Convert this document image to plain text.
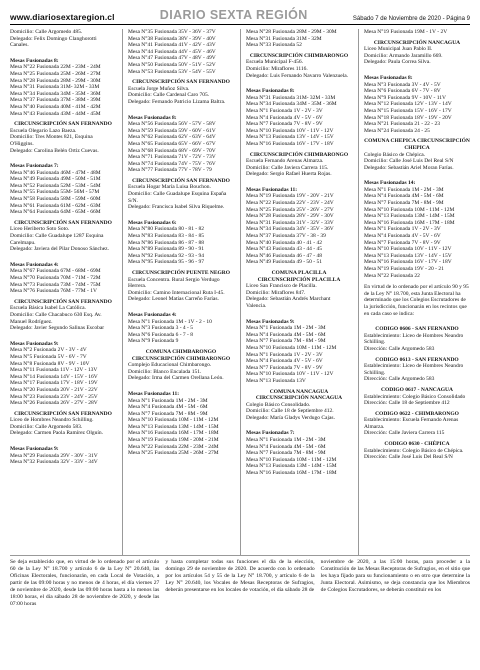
www.diariosextaregion.cl	DIARIO SEXTA REGIÓN	Sábado 7 de Noviembre de 2020 - Página 9

Domicilio: Calle Argomedo 485.

Delegado: Felix Domingo Clanghorotti Canales.

Mesas Fusionadas 8:
Mesa N°22 Fusionada 22M - 23M - 24M
Mesa N°25 Fusionada 25M - 26M - 27M
Mesa N°28 Fusionada 28M - 29M - 30M
Mesa N°31 Fusionada 31M- 32M - 33M
Mesa N°34 Fusionada 34M - 35M - 36M
Mesa N°37 Fusionada 37M - 38M - 39M
Mesa N°40 Fusionada 40M - 41M - 42M
Mesa N°43 Fusionada 43M - 44M - 45M
CIRCUNSCRIPCIÓN SAN FERNANDO

Escuela Olegario Lazo Baeza.

Domicilio: Tres Montes 821, Esquina O'Higgins.

Delegado: Carolina Belén Ortiz Cuevas.

Mesas Fusionadas 7:
Mesa N°46 Fusionada 46M - 47M - 48M
Mesa N°49 Fusionada 49M - 50M - 51M
Mesa N°52 Fusionada 52M - 53M - 54M
Mesa N°55 Fusionada 55M- 56M - 57M
Mesa N°58 Fusionada 58M - 59M - 60M
Mesa N°61 Fusionada 61M - 62M - 63M
Mesa N°64 Fusionada 64M - 65M - 66M
CIRCUNSCRIPCIÓN SAN FERNANDO

Liceo Heriberto Soto Soto.

Domicilio: Calle Guadalupe 1287 Esquina Carelmapu.

Delegado: Javiera del Pilar Donoso Sánchez.

Mesas Fusionadas 4:
Mesa N°67 Fusionada 67M - 68M - 69M
Mesa N°70 Fusionada 70M - 71M - 72M
Mesa N°73 Fusionada 73M - 74M - 75M
Mesa N°76 Fusionada 76M - 77M - 1V
CIRCUNSCRIPCIÓN SAN FERNANDO

Escuela Básica Isabel La Católica.

Domicilio: Calle Chacabuco 630 Esq. Av. Manuel Rodríguez.

Delegado: Javier Segundo Salinas Escobar

Mesas Fusionadas 9:
Mesa N°2 Fusionada 2V - 3V - 4V
Mesa N°5 Fusionada 5V - 6V - 7V
Mesa N°8 Fusionada 8V - 9V - 10V
Mesa N°11 Fusionada 11V - 12V - 13V
Mesa N°14 Fusionada 14V - 15V - 16V
Mesa N°17 Fusionada 17V - 18V - 19V
Mesa N°20 Fusionada 20V - 21V - 22V
Mesa N°23 Fusionada 23V - 24V - 25V
Mesa N°26 Fusionada 26V - 27V - 28V
CIRCUNSCRIPCIÓN SAN FERNANDO

Liceo de Hombres Neandro Schilling.

Domicilio: Calle Argomedo 583.

Delegado: Carmen Paola Ramírez Olguín.

Mesas Fusionadas 9:
Mesa N°29 Fusionada 29V - 30V - 31V
Mesa N°32 Fusionada 32V - 33V - 34V
Mesa N°35 Fusionada 35V - 36V - 37V
Mesa N°38 Fusionada 38V - 39V - 40V
Mesa N°41 Fusionada 41V - 42V - 43V
Mesa N°44 Fusionada 44V - 45V - 46V
Mesa N°47 Fusionada 47V - 48V - 49V
Mesa N°50 Fusionada 50V - 51V - 52V
Mesa N°53 Fusionada 53V - 54V - 55V
CIRCUNSCRIPCIÓN SAN FERNANDO

Escuela Jorge Muñoz Silva.

Domicilio: Calle Cardenal Caro 705.

Delegado: Fernando Patricio Lizama Baltra.

Mesas Fusionadas 8:
Mesa N°56 Fusionada 56V - 57V - 58V
Mesa N°59 Fusionada 59V - 60V - 61V
Mesa N°62 Fusionada 62V - 63V - 64V
Mesa N°65 Fusionada 65V - 66V - 67V
Mesa N°68 Fusionada 68V - 69V - 70V
Mesa N°71 Fusionada 71V - 72V - 73V
Mesa N°74 Fusionada 74V - 75V - 76V
Mesa N°77 Fusionada 77V - 78V - 79
CIRCUNSCRIPCIÓN SAN FERNANDO

Escuela Hogar María Luisa Bouchon.

Domicilio: Calle Guadalupe Esquina España S/N.

Delegado: Francisca Isabel Silva Riquelme.

Mesas Fusionadas 6:
Mesa N°80 Fusionada 80 - 81 - 82
Mesa N°83 Fusionada 83 - 84 - 85
Mesa N°86 Fusionada 86 - 87 - 88
Mesa N°89 Fusionada 89 - 90 - 91
Mesa N°92 Fusionada 92 - 93 - 94
Mesa N°95 Fusionada 95 - 96 - 97
CIRCUNSCRIPCIÓN PUENTE NEGRO

Escuela Concentra. Rural Sergio Verdugo Herrera.

Domicilio: Camino Internacional Ruta I-45.

Delegado: Leonel Matías Carreño Farías.

Mesas Fusionadas 4:
Mesa N°1 Fusionada 1M - 1V - 2 - 10
Mesa N°3 Fusionada 3 - 4 - 5
Mesa N°6 Fusionada 6 - 7 - 8
Mesa N°9 Fusionada 9
COMUNA CHIMBARONGO CIRCUNSCRIPCIÓN CHIMBARONGO

Complejo Educacional Chimbarongo.

Domicilio: Blanco Encalada 151.

Delegado: Irma del Carmen Orellana León.

Mesas Fusionadas 11:
Mesa N°1 Fusionada 1M - 2M - 3M
Mesa N°4 Fusionada 4M - 5M - 6M
Mesa N°7 Fusionada 7M - 8M - 9M
Mesa N°10 Fusionada 10M - 11M - 12M
Mesa N°13 Fusionada 13M - 14M - 15M
Mesa N°16 Fusionada 16M - 17M - 18M
Mesa N°19 Fusionada 19M - 20M - 21M
Mesa N°22 Fusionada 22M - 23M - 24M
Mesa N°25 Fusionada 25M - 26M - 27M
Mesa N°28 Fusionada 28M - 29M - 30M
Mesa N°31 Fusionada 31M - 32M
Mesa N°33 Fusionada 52
CIRCUNSCRIPCIÓN CHIMBARONGO

Escuela Municipal F-456.

Domicilio: Miraflores 1116.

Delegado: Luis Fernando Navarro Valenzuela.

Mesas Fusionadas 8:
Mesa N°31 Fusionada 31M- 32M - 33M
Mesa N°34 Fusionada 34M - 35M - 36M
Mesa N°1 Fusionada 1V - 2V - 3V
Mesa N°4 Fusionada 4V - 5V - 6V
Mesa N°7 Fusionada 7V - 8V - 9V
Mesa N°10 Fusionada 10V - 11V - 12V
Mesa N°13 Fusionada 13V - 14V - 15V
Mesa N°16 Fusionada 16V - 17V - 18V
CIRCUNSCRIPCIÓN CHIMBARONGO

Escuela Fernando Arenas Almarza.

Domicilio: Calle Javiera Carrera 115.

Delegado: Sergio Rafael Huerta Rojas.

Mesas Fusionadas 11:
Mesa N°19 Fusionada 19V - 20V - 21V
Mesa N°22 Fusionada 22V - 23V - 24V
Mesa N°25 Fusionada 25V - 26V - 27V
Mesa N°28 Fusionada 28V - 29V - 30V
Mesa N°31 Fusionada 31V - 32V - 33V
Mesa N°34 Fusionada 34V - 35V - 36V
Mesa N°37 Fusionada 37V - 38 - 39
Mesa N°40 Fusionada 40 - 41 - 42
Mesa N°43 Fusionada 43 - 44 - 45
Mesa N°46 Fusionada 46 - 47 - 48
Mesa N°49 Fusionada 49 - 50 - 51
COMUNA PLACILLA CIRCUNSCRIPCIÓN PLACILLA

Liceo San Francisco de Placilla.

Domicilio: Miraflores 847.

Delegado: Sebastián Andrés Marchant Valencia.

Mesas Fusionadas 9:
Mesa N°1 Fusionada 1M - 2M - 3M
Mesa N°4 Fusionada 4M - 5M - 6M
Mesa N°7 Fusionada 7M - 8M - 9M
Mesa N°10 Fusionada 10M - 11M - 12M
Mesa N°1 Fusionada 1V - 2V - 3V
Mesa N°4 Fusionada 4V - 5V - 6V
Mesa N°7 Fusionada 7V - 8V - 9V
Mesa N°10 Fusionada 10V - 11V - 12V
Mesa N°13 Fusionada 13V
COMUNA NANCAGUA CIRCUNSCRIPCIÓN NANCAGUA

Colegio Básico Consolidado.

Domicilio: Calle 18 de Septiembre 412.

Delegado: María Gladys Verdugo Cajas.

Mesas Fusionadas 7:
Mesa N°1 Fusionada 1M - 2M - 3M
Mesa N°4 Fusionada 4M - 5M - 6M
Mesa N°7 Fusionada 7M - 8M - 9M
Mesa N°10 Fusionada 10M - 11M - 12M
Mesa N°13 Fusionada 13M - 14M - 15M
Mesa N°16 Fusionada 16M - 17M - 18M
Mesa N°19 Fusionada 19M - 1V - 2V
CIRCUNSCRIPCIÓN NANCAGUA

Liceo Municipal Juan Pablo II.

Domicilio: Armando Jaramillo 669.

Delegado: Paula Correa Silva.

Mesas Fusionadas 8:
Mesa N°3 Fusionada 3V - 4V - 5V
Mesa N°6 Fusionada 6V - 7V - 8V
Mesa N°9 Fusionada 9V - 10V - 11V
Mesa N°12 Fusionada 12V - 13V - 14V
Mesa N°15 Fusionada 15V - 16V - 17V
Mesa N°18 Fusionada 18V - 19V - 20V
Mesa N°21 Fusionada 21 - 22 - 23
Mesa N°24 Fusionada 24 - 25
COMUNA CHEPICA CIRCUNSCRIPCIÓN CHEPICA

Colegio Básico de Chépica.

Domicilio: Calle José Luis Del Real S/N

Delegado: Sebastián Ariel Moran Farías.

Mesas Fusionadas 14:
Mesa N°1 Fusionada 1M - 2M - 3M
Mesa N°4 Fusionada 4M - 5M - 6M
Mesa N°7 Fusionada 7M - 8M - 9M
Mesa N°10 Fusionada 10M - 11M - 12M
Mesa N°13 Fusionada 13M - 14M - 15M
Mesa N°16 Fusionada 16M - 17M - 18M
Mesa N°1 Fusionada 1V - 2V - 3V
Mesa N°4 Fusionada 4V - 5V - 6V
Mesa N°7 Fusionada 7V - 8V - 9V
Mesa N°10 Fusionada 10V - 11V - 12V
Mesa N°13 Fusionada 13V - 14V - 15V
Mesa N°16 Fusionada 16V - 17V - 18V
Mesa N°19 Fusionada 19V - 20 - 21
Mesa N°22 Fusionada 22

En virtud de lo ordenado por el artículo 90 y 95 de la Ley N° 18.700, esta Junta Electoral ha determinado que los Colegios Escrutadores de la jurisdicción, funcionarán en los recintos que en cada caso se indica:

CODIGO 0606 - SAN FERNANDO

Establecimiento: Liceo de Hombres Neandro Schilling.

Dirección: Calle Argomedo 583

CODIGO 0613 - SAN FERNANDO

Establecimiento: Liceo de Hombres Neandro Schilling.

Dirección: Calle Argomedo 583

CODIGO 0617 - NANCAGUA

Establecimiento: Colegio Básico Consolidado

Dirección: Calle 18 de Septiembre 412

CODIGO 0622 - CHIMBARONGO

Establecimiento: Escuela Fernando Arenas Almarza.

Dirección: Calle Javiera Carrera 115

CODIGO 0630 - CHÉPICA

Establecimiento: Colegio Básico de Chépica.

Dirección: Calle José Luis Del Real S/N

Se deja establecido que, en virtud de lo ordenado por el artículo 60 de la Ley N° 18.700 y artículo 6 de la Ley N° 20.640, las Oficinas Electorales, funcionarán, en cada Local de Votación, a partir de las 09:00 horas y no menos de 4 horas, el día viernes 27 de noviembre de 2020, desde las 09:00 horas hasta a lo menos las 18:00 horas, el día sábado 28 de noviembre de 2020, y desde las 07:00 horas
y hasta completar todas sus funciones el día de la elección, domingo 29 de noviembre de 2020. De acuerdo con lo ordenado por los artículos 54 y 55 de la Ley N° 18.700, y artículo 6 de la Ley N° 20.640, los Vocales de Mesas Receptoras de Sufragios, deberán presentarse en los locales de votación, el día sábado 28 de
noviembre de 2020, a las 15:00 horas, para proceder a la Constitución de las Mesas Receptoras de Sufragios, en el sitio que les haya fijado para su funcionamiento o en otro que determine la Junta Electoral. Asimismo, se deja constancia que los Miembros de Colegios Escrutadores, se deberán constituir en los
